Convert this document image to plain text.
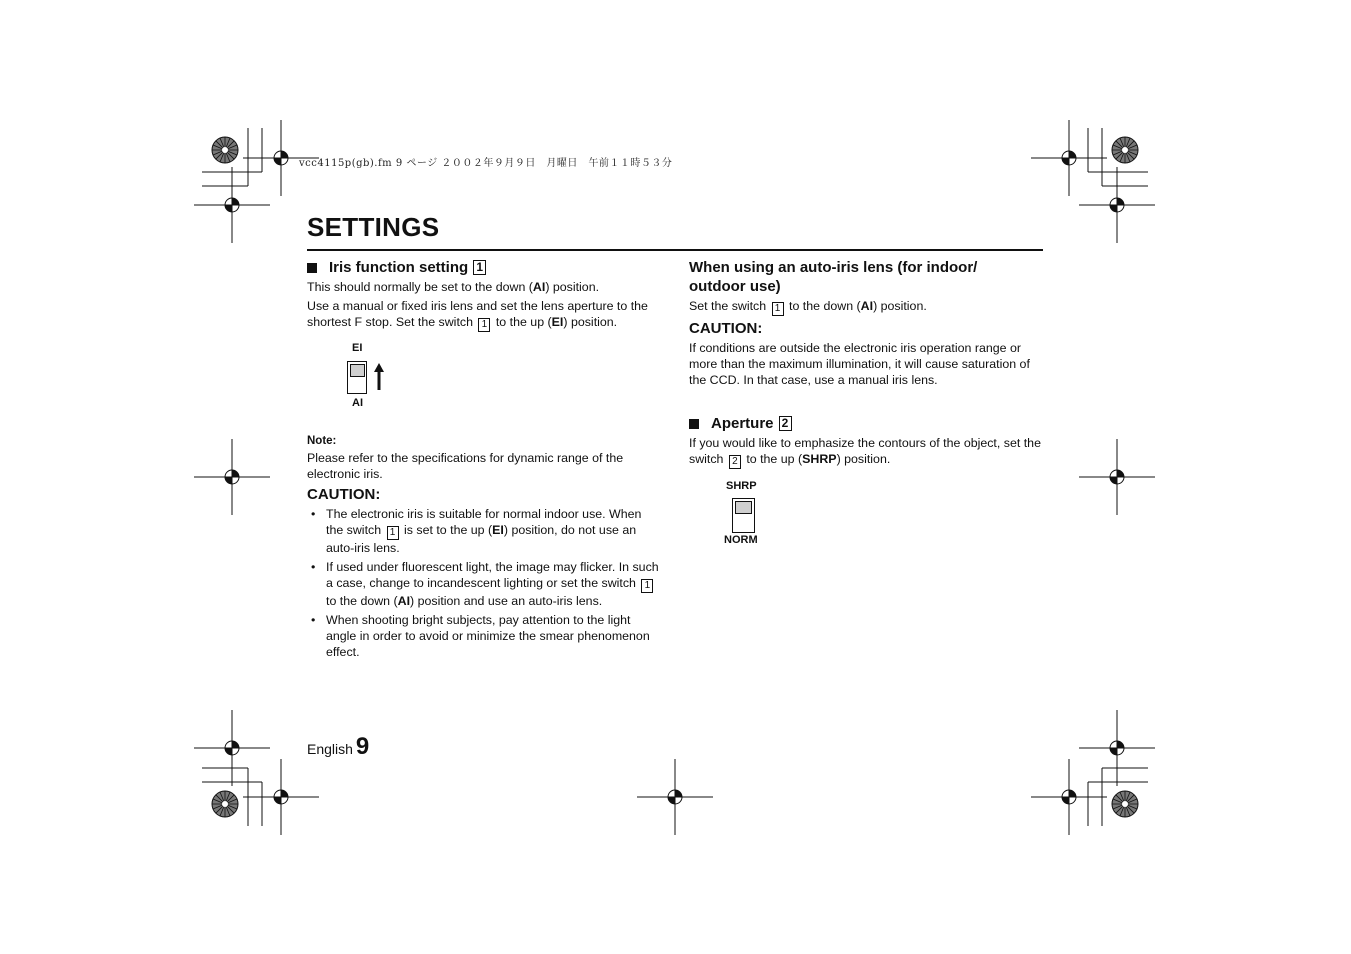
vcc4115p(gb).fm 9 ページ ２００２年９月９日　月曜日　午前１１時５３分
SETTINGS
Iris function setting 1

This should normally be set to the down (AI) position.

Use a manual or fixed iris lens and set the lens aperture to the shortest F stop. Set the switch 1 to the up (EI) position.

EI
AI
Note:

Please refer to the specifications for dynamic range of the electronic iris.

CAUTION:
• The electronic iris is suitable for normal indoor use. When the switch 1 is set to the up (EI) position, do not use an auto-iris lens.
• If used under fluorescent light, the image may flicker. In such a case, change to incandescent lighting or set the switch 1 to the down (AI) position and use an auto-iris lens.
• When shooting bright subjects, pay attention to the light angle in order to avoid or minimize the smear phenomenon effect.
When using an auto-iris lens (for indoor/ outdoor use)

Set the switch 1 to the down (AI) position.

CAUTION:

If conditions are outside the electronic iris operation range or more than the maximum illumination, it will cause saturation of the CCD. In that case, use a manual iris lens.

Aperture 2

If you would like to emphasize the contours of the object, set the switch 2 to the up (SHRP) position.

SHRP
NORM
English 9
